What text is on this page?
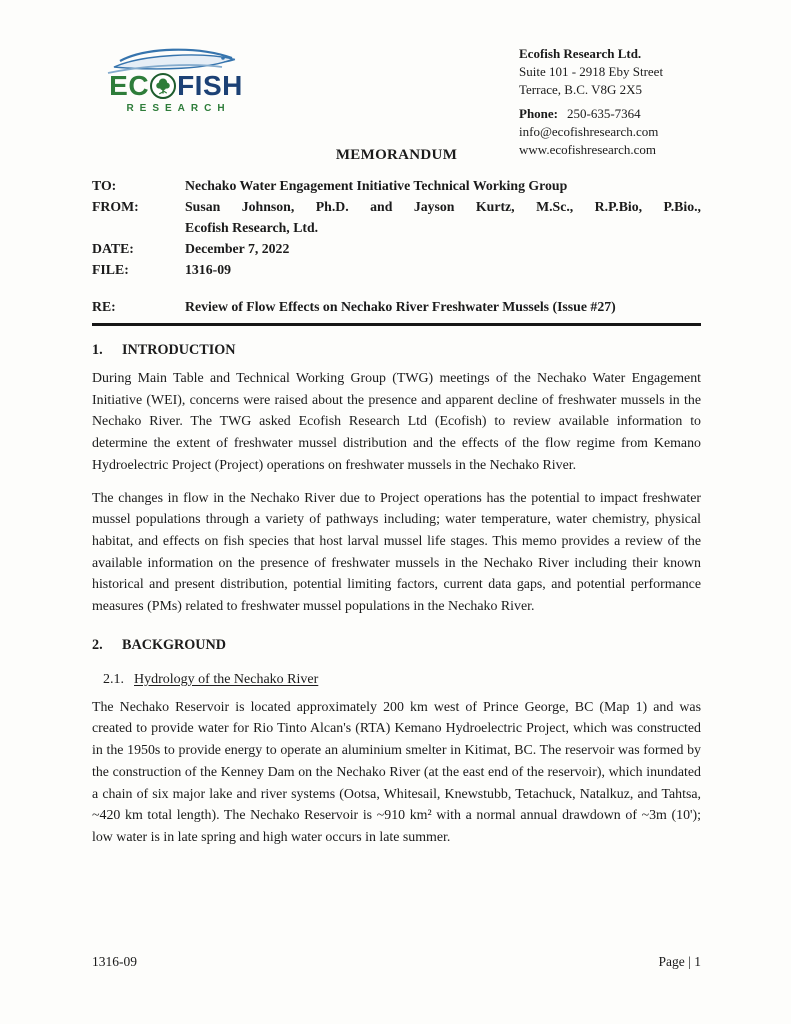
EC FISH
RESEARCH
Ecofish Research Ltd.
Suite 101 - 2918 Eby Street
Terrace, B.C. V8G 2X5
Phone: 250-635-7364
info@ecofishresearch.com
www.ecofishresearch.com
MEMORANDUM
TO:	Nechako Water Engagement Initiative Technical Working Group
FROM:	Susan Johnson, Ph.D. and Jayson Kurtz, M.Sc., R.P.Bio, P.Bio.,
Ecofish Research, Ltd.
DATE:	December 7, 2022
FILE:	1316-09
RE:	Review of Flow Effects on Nechako River Freshwater Mussels (Issue #27)
1.	INTRODUCTION

During Main Table and Technical Working Group (TWG) meetings of the Nechako Water Engagement Initiative (WEI), concerns were raised about the presence and apparent decline of freshwater mussels in the Nechako River. The TWG asked Ecofish Research Ltd (Ecofish) to review available information to determine the extent of freshwater mussel distribution and the effects of the flow regime from Kemano Hydroelectric Project (Project) operations on freshwater mussels in the Nechako River.

The changes in flow in the Nechako River due to Project operations has the potential to impact freshwater mussel populations through a variety of pathways including; water temperature, water chemistry, physical habitat, and effects on fish species that host larval mussel life stages. This memo provides a review of the available information on the presence of freshwater mussels in the Nechako River including their known historical and present distribution, potential limiting factors, current data gaps, and potential performance measures (PMs) related to freshwater mussel populations in the Nechako River.

2.	BACKGROUND
2.1. Hydrology of the Nechako River

The Nechako Reservoir is located approximately 200 km west of Prince George, BC (Map 1) and was created to provide water for Rio Tinto Alcan's (RTA) Kemano Hydroelectric Project, which was constructed in the 1950s to provide energy to operate an aluminium smelter in Kitimat, BC. The reservoir was formed by the construction of the Kenney Dam on the Nechako River (at the east end of the reservoir), which inundated a chain of six major lake and river systems (Ootsa, Whitesail, Knewstubb, Tetachuck, Natalkuz, and Tahtsa, ~420 km total length). The Nechako Reservoir is ~910 km² with a normal annual drawdown of ~3m (10'); low water is in late spring and high water occurs in late summer.

1316-09	Page | 1
